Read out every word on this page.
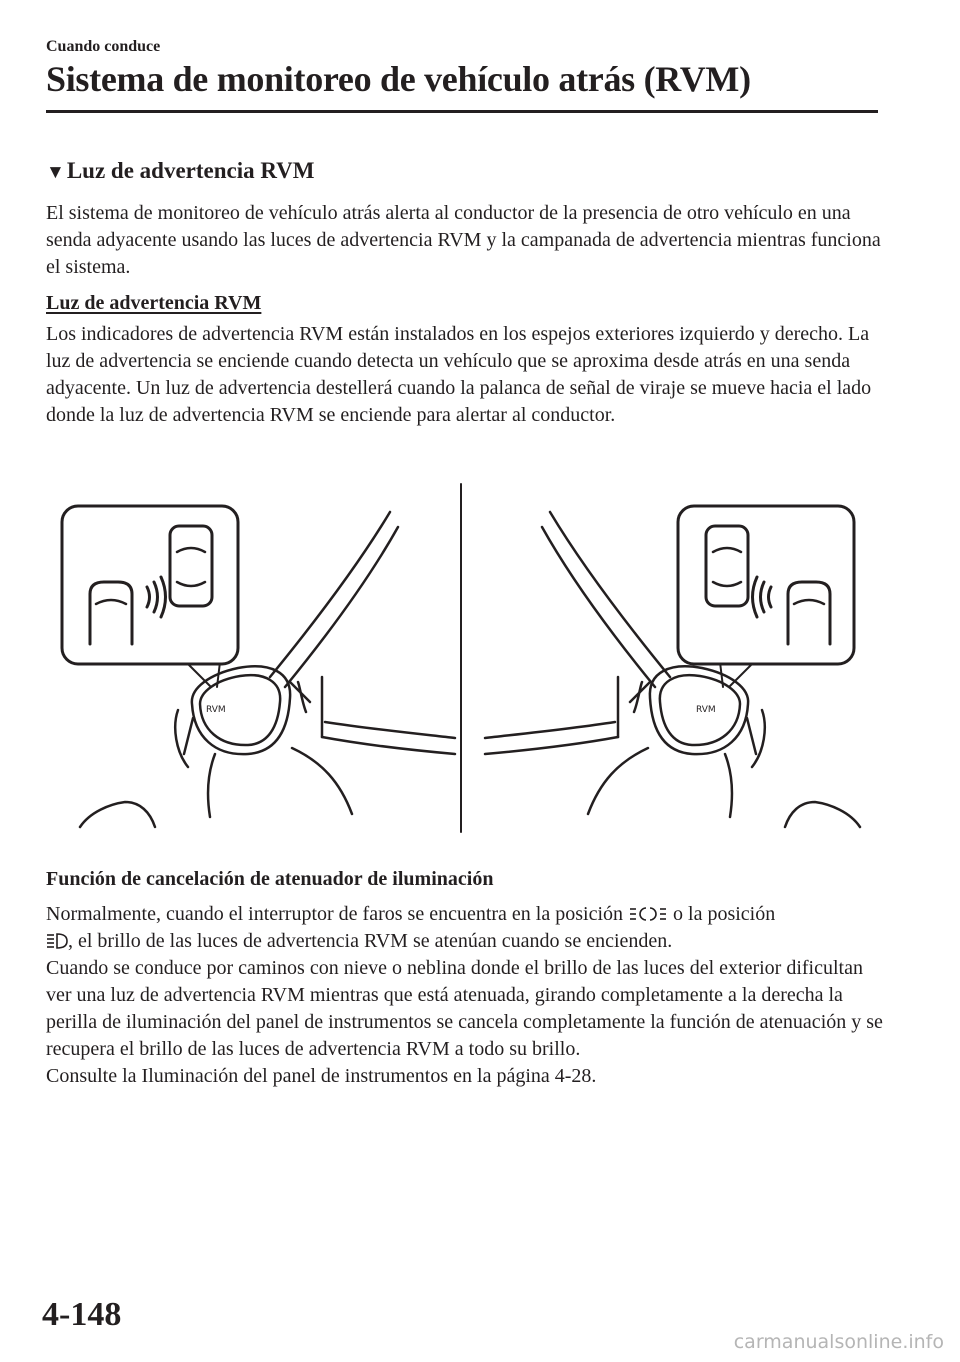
Cuando conduce
Sistema de monitoreo de vehículo atrás (RVM)
▼Luz de advertencia RVM
El sistema de monitoreo de vehículo atrás alerta al conductor de la presencia de otro vehículo en una senda adyacente usando las luces de advertencia RVM y la campanada de advertencia mientras funciona el sistema.
Luz de advertencia RVM
Los indicadores de advertencia RVM están instalados en los espejos exteriores izquierdo y derecho. La luz de advertencia se enciende cuando detecta un vehículo que se aproxima desde atrás en una senda adyacente. Un luz de advertencia destellerá cuando la palanca de señal de viraje se mueve hacia el lado donde la luz de advertencia RVM se enciende para alertar al conductor.
RVM	RVM
Función de cancelación de atenuador de iluminación
Normalmente, cuando el interruptor de faros se encuentra en la posición	o la posición
, el brillo de las luces de advertencia RVM se atenúan cuando se encienden.
Cuando se conduce por caminos con nieve o neblina donde el brillo de las luces del exterior dificultan ver una luz de advertencia RVM mientras que está atenuada, girando completamente a la derecha la perilla de iluminación del panel de instrumentos se cancela completamente la función de atenuación y se recupera el brillo de las luces de advertencia RVM a todo su brillo.
Consulte la Iluminación del panel de instrumentos en la página 4-28.
4-148
carmanualsonline.info
